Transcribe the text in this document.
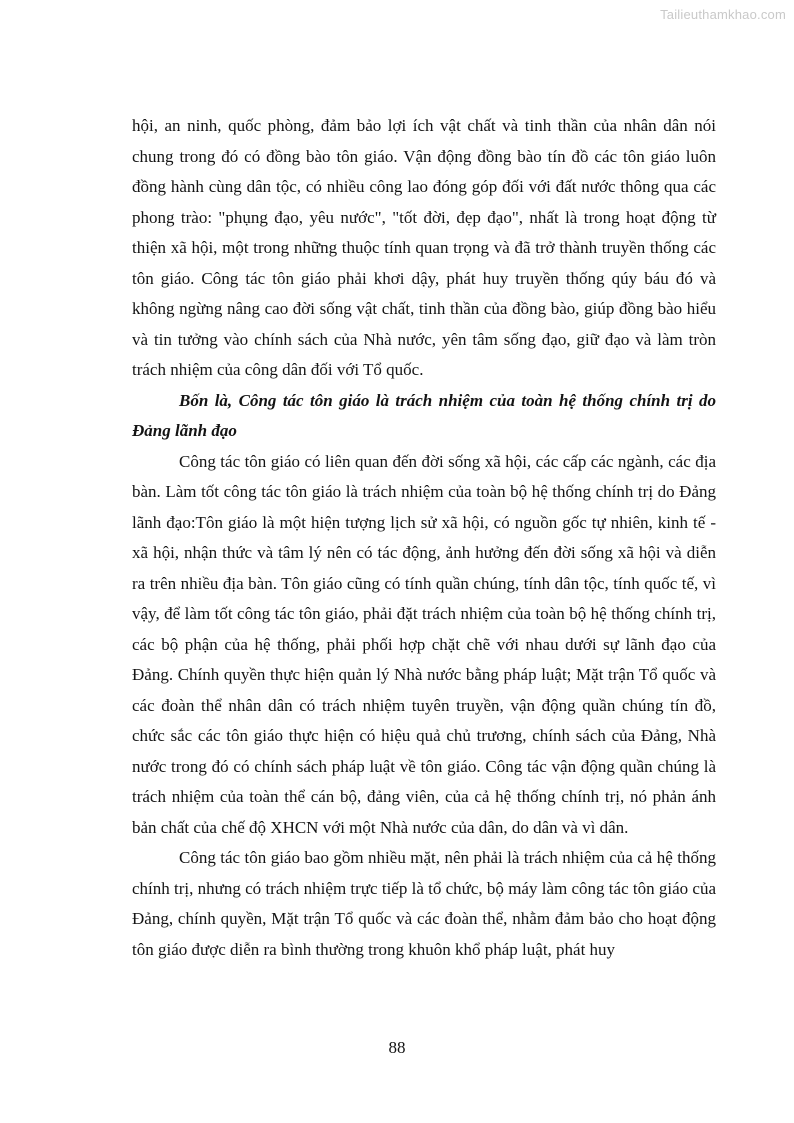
Tailieuthamkhao.com

hội, an ninh, quốc phòng, đảm bảo lợi ích vật chất và tinh thần của nhân dân nói chung trong đó có đồng bào tôn giáo. Vận động đồng bào tín đồ các tôn giáo luôn đồng hành cùng dân tộc, có nhiều công lao đóng góp đối với đất nước thông qua các phong trào: "phụng đạo, yêu nước", "tốt đời, đẹp đạo", nhất là trong hoạt động từ thiện xã hội, một trong những thuộc tính quan trọng và đã trở thành truyền thống các tôn giáo. Công tác tôn giáo phải khơi dậy, phát huy truyền thống qúy báu đó và không ngừng nâng cao đời sống vật chất, tinh thần của đồng bào, giúp đồng bào hiểu và tin tưởng vào chính sách của Nhà nước, yên tâm sống đạo, giữ đạo và làm tròn trách nhiệm của công dân đối với Tổ quốc.

Bốn là, Công tác tôn giáo là trách nhiệm của toàn hệ thống chính trị do Đảng lãnh đạo

Công tác tôn giáo có liên quan đến đời sống xã hội, các cấp các ngành, các địa bàn. Làm tốt công tác tôn giáo là trách nhiệm của toàn bộ hệ thống chính trị do Đảng lãnh đạo:Tôn giáo là một hiện tượng lịch sử xã hội, có nguồn gốc tự nhiên, kinh tế - xã hội, nhận thức và tâm lý nên có tác động, ảnh hưởng đến đời sống xã hội và diễn ra trên nhiều địa bàn. Tôn giáo cũng có tính quần chúng, tính dân tộc, tính quốc tế, vì vậy, để làm tốt công tác tôn giáo, phải đặt trách nhiệm của toàn bộ hệ thống chính trị, các bộ phận của hệ thống, phải phối hợp chặt chẽ với nhau dưới sự lãnh đạo của Đảng. Chính quyền thực hiện quản lý Nhà nước bằng pháp luật; Mặt trận Tổ quốc và các đoàn thể nhân dân có trách nhiệm tuyên truyền, vận động quần chúng tín đồ, chức sắc các tôn giáo thực hiện có hiệu quả chủ trương, chính sách của Đảng, Nhà nước trong đó có chính sách pháp luật về tôn giáo. Công tác vận động quần chúng là trách nhiệm của toàn thể cán bộ, đảng viên, của cả hệ thống chính trị, nó phản ánh bản chất của chế độ XHCN với một Nhà nước của dân, do dân và vì dân.

Công tác tôn giáo bao gồm nhiều mặt, nên phải là trách nhiệm của cả hệ thống chính trị, nhưng có trách nhiệm trực tiếp là tổ chức, bộ máy làm công tác tôn giáo của Đảng, chính quyền, Mặt trận Tổ quốc và các đoàn thể, nhằm đảm bảo cho hoạt động tôn giáo được diễn ra bình thường trong khuôn khổ pháp luật, phát huy

88
